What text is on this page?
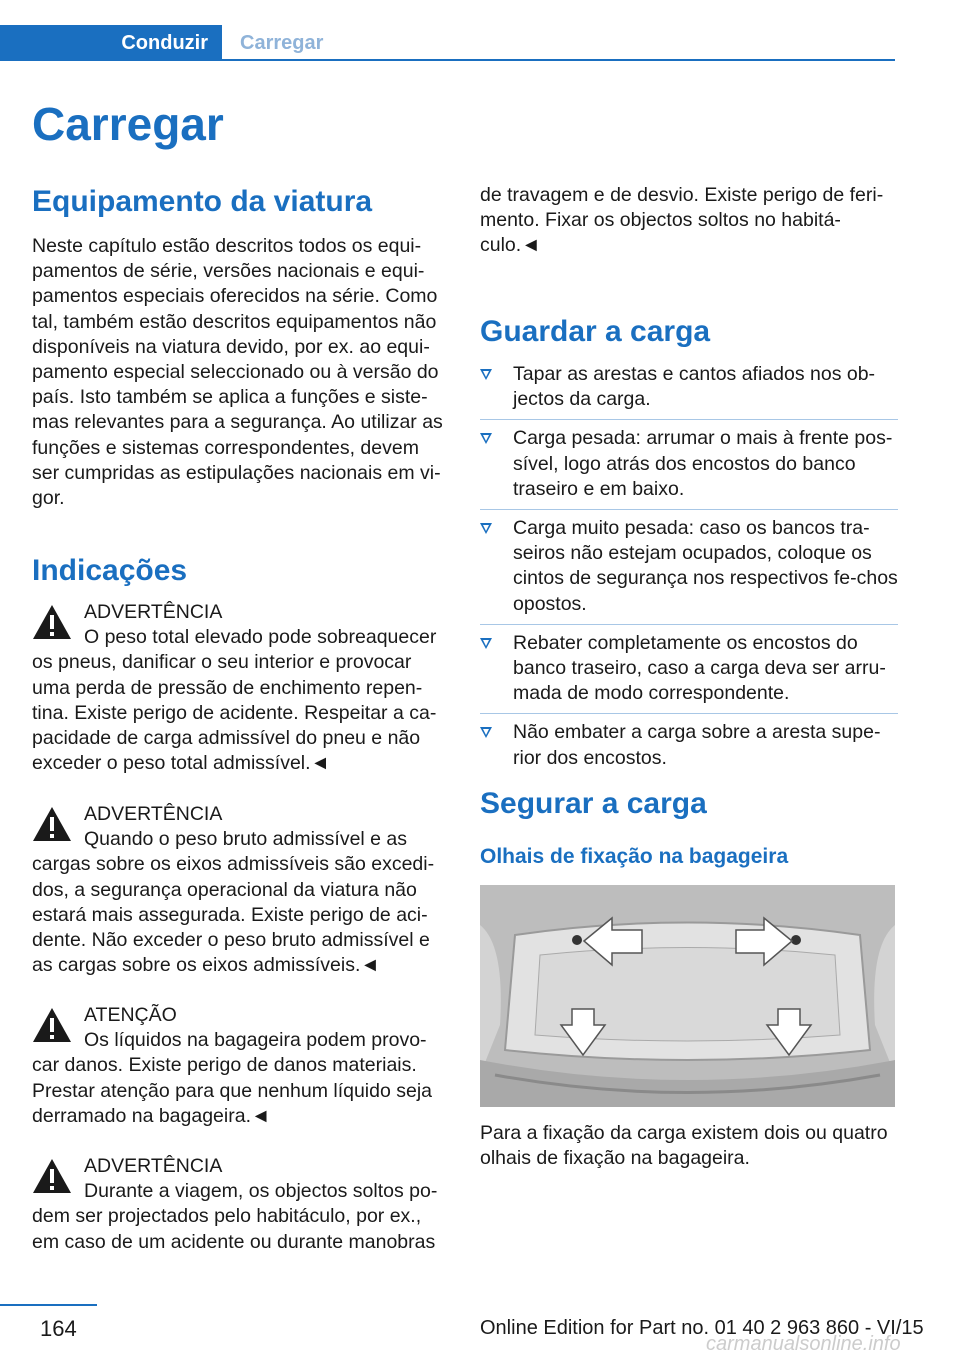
Conduzir	Carregar
Carregar
Equipamento da viatura
Neste capítulo estão descritos todos os equi-pamentos de série, versões nacionais e equi-pamentos especiais oferecidos na série. Como tal, também estão descritos equipamentos não disponíveis na viatura devido, por ex. ao equi-pamento especial seleccionado ou à versão do país. Isto também se aplica a funções e siste-mas relevantes para a segurança. Ao utilizar as funções e sistemas correspondentes, devem ser cumpridas as estipulações nacionais em vi-gor.
Indicações
ADVERTÊNCIA
O peso total elevado pode sobreaquecer
os pneus, danificar o seu interior e provocar uma perda de pressão de enchimento repen-tina. Existe perigo de acidente. Respeitar a ca-pacidade de carga admissível do pneu e não exceder o peso total admissível.◄
ADVERTÊNCIA
Quando o peso bruto admissível e as
cargas sobre os eixos admissíveis são excedi-dos, a segurança operacional da viatura não estará mais assegurada. Existe perigo de aci-dente. Não exceder o peso bruto admissível e as cargas sobre os eixos admissíveis.◄
ATENÇÃO
Os líquidos na bagageira podem provo-
car danos. Existe perigo de danos materiais. Prestar atenção para que nenhum líquido seja derramado na bagageira.◄
ADVERTÊNCIA
Durante a viagem, os objectos soltos po-
dem ser projectados pelo habitáculo, por ex., em caso de um acidente ou durante manobras
de travagem e de desvio. Existe perigo de feri-mento. Fixar os objectos soltos no habitá-culo.◄
Guardar a carga
Tapar as arestas e cantos afiados nos ob-jectos da carga.
Carga pesada: arrumar o mais à frente pos-sível, logo atrás dos encostos do banco traseiro e em baixo.
Carga muito pesada: caso os bancos tra-seiros não estejam ocupados, coloque os cintos de segurança nos respectivos fe-chos opostos.
Rebater completamente os encostos do banco traseiro, caso a carga deva ser arru-mada de modo correspondente.
Não embater a carga sobre a aresta supe-rior dos encostos.
Segurar a carga
Olhais de fixação na bagageira
Para a fixação da carga existem dois ou quatro olhais de fixação na bagageira.
164	Online Edition for Part no. 01 40 2 963 860 - VI/15
carmanualsonline.info
